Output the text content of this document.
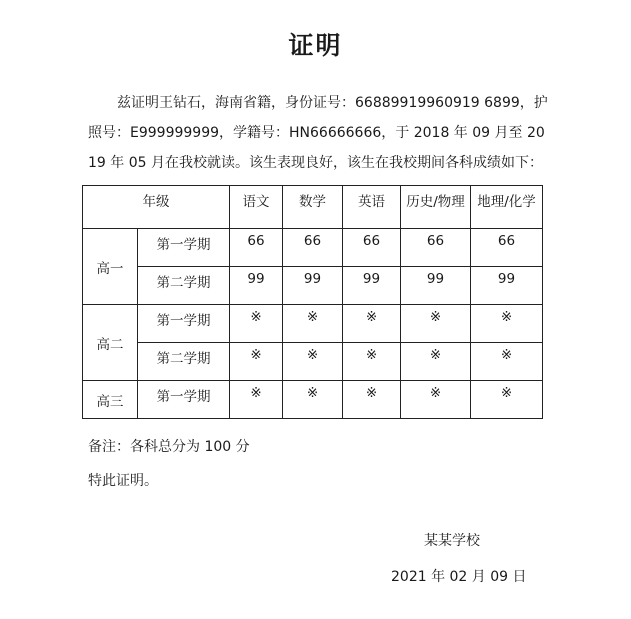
证明

兹证明王钻石，海南省籍，身份证号：66889919960919 6899，护照号：E999999999，学籍号：HN66666666，于 2018 年 09 月至 2019 年 05 月在我校就读。该生表现良好，该生在我校期间各科成绩如下：

年级		语文	数学	英语	历史/物理	地理/化学
高一	第一学期	66	66	66	66	66
	第二学期	99	99	99	99	99
高二	第一学期	※	※	※	※	※
	第二学期	※	※	※	※	※
高三	第一学期	※	※	※	※	※
备注：各科总分为 100 分
特此证明。
某某学校
2021 年 02 月 09 日
